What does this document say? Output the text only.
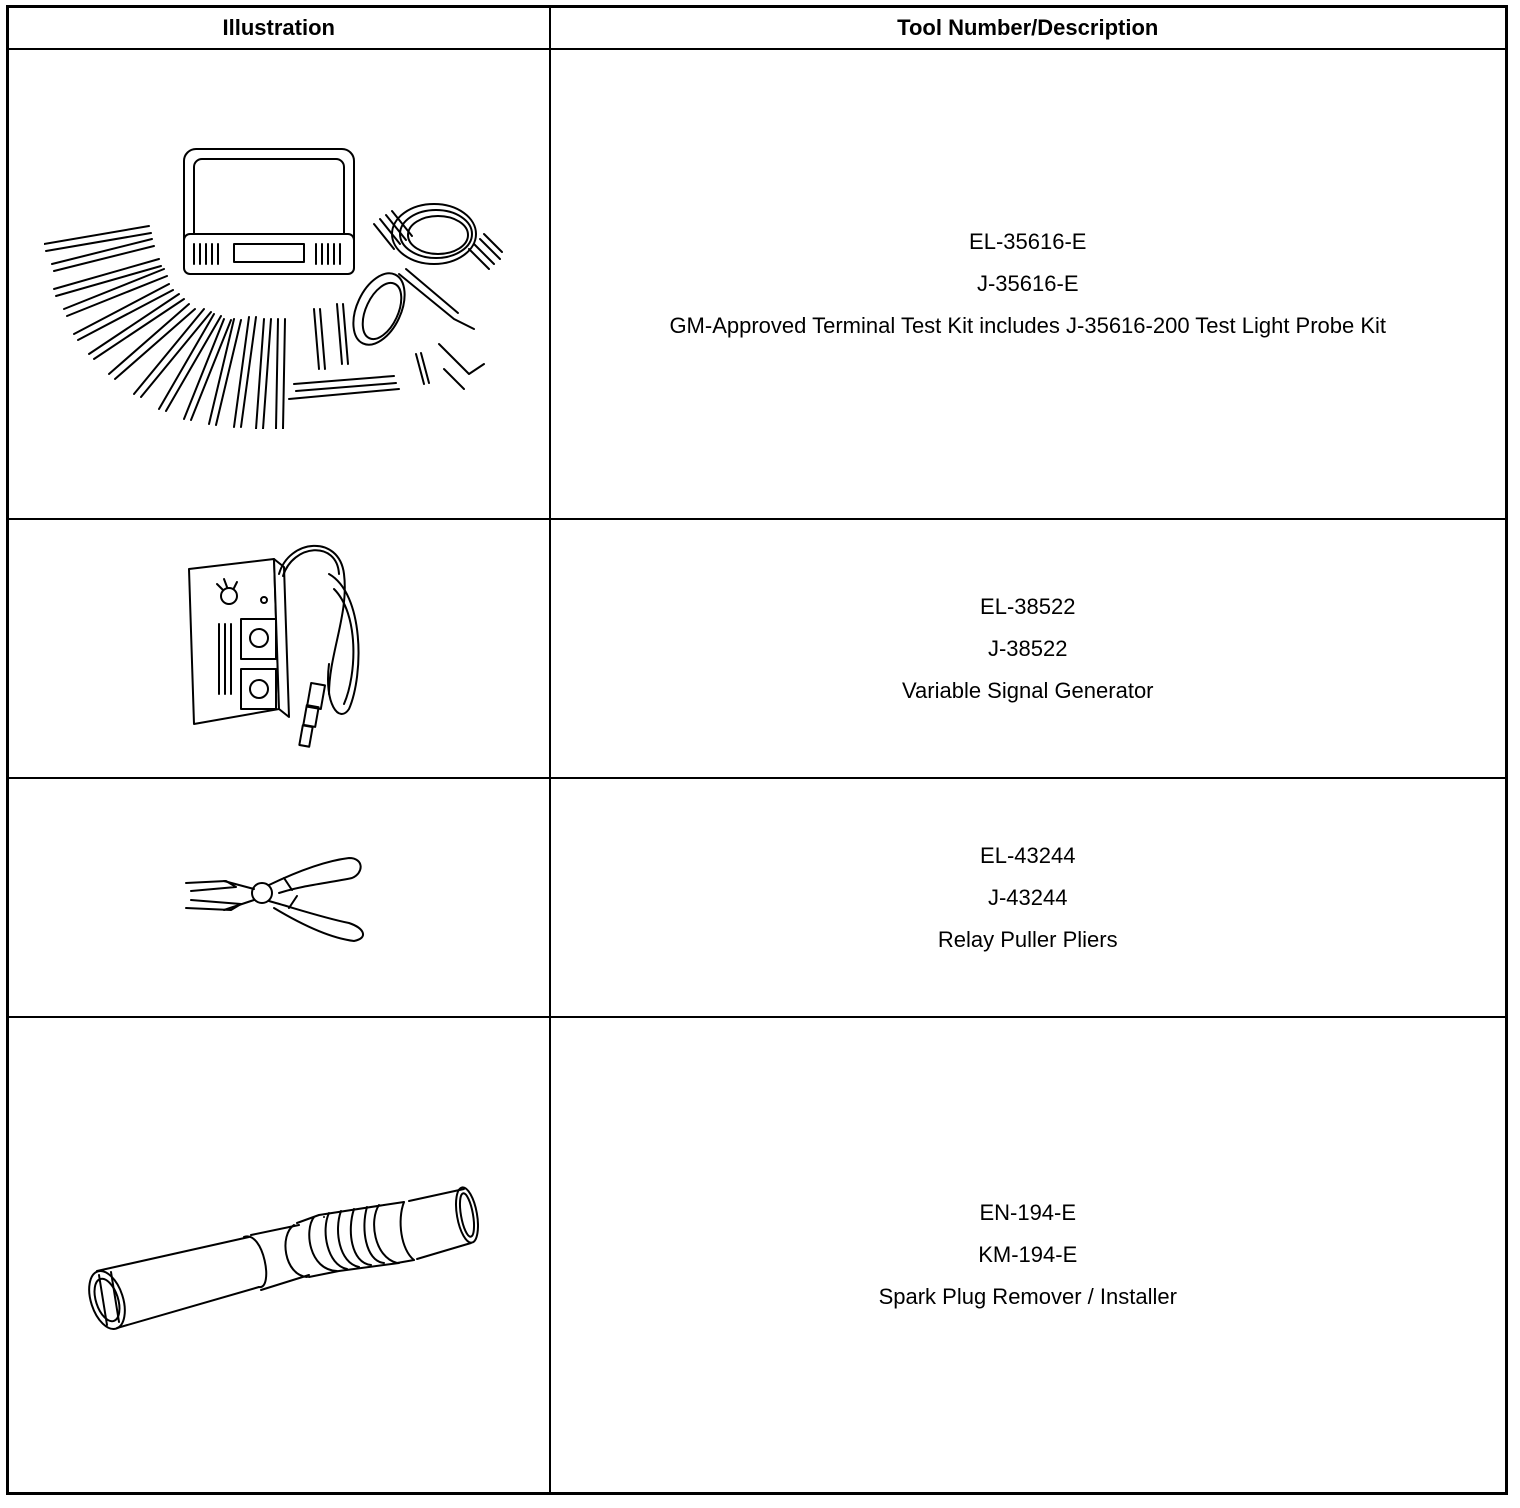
Illustration	Tool Number/Description

EL-35616-E
J-35616-E
GM-Approved Terminal Test Kit includes J-35616-200 Test Light Probe Kit

EL-38522
J-38522
Variable Signal Generator

EL-43244
J-43244
Relay Puller Pliers

EN-194-E
KM-194-E
Spark Plug Remover / Installer
